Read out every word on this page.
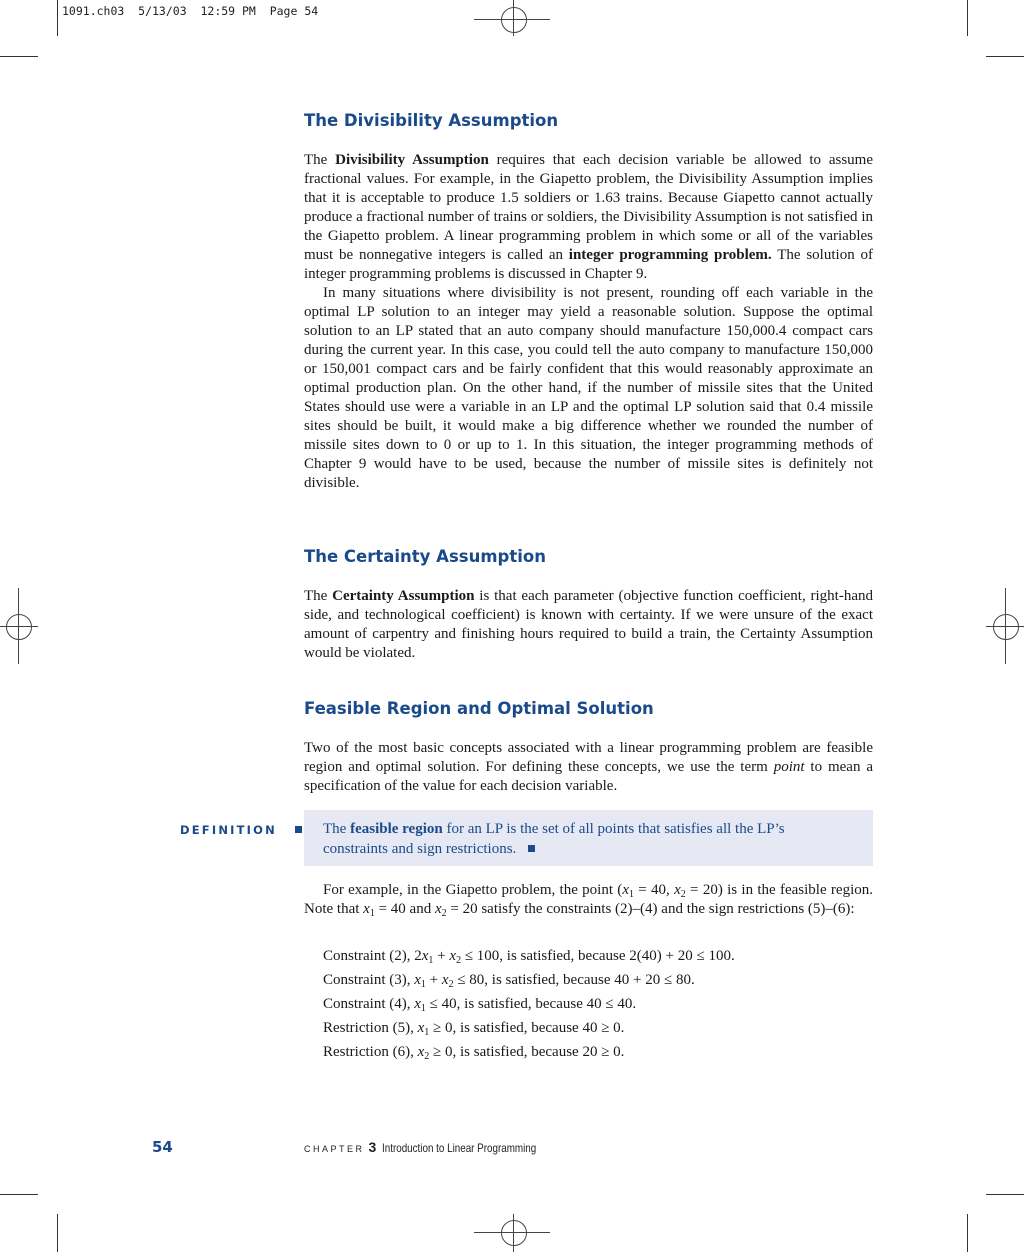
1091.ch03  5/13/03  12:59 PM  Page 54
The Divisibility Assumption

The Divisibility Assumption requires that each decision variable be allowed to assume fractional values. For example, in the Giapetto problem, the Divisibility Assumption implies that it is acceptable to produce 1.5 soldiers or 1.63 trains. Because Giapetto cannot actually produce a fractional number of trains or soldiers, the Divisibility Assumption is not satisfied in the Giapetto problem. A linear programming problem in which some or all of the variables must be nonnegative integers is called an integer programming problem. The solution of integer programming problems is discussed in Chapter 9.

In many situations where divisibility is not present, rounding off each variable in the optimal LP solution to an integer may yield a reasonable solution. Suppose the optimal solution to an LP stated that an auto company should manufacture 150,000.4 compact cars during the current year. In this case, you could tell the auto company to manufacture 150,000 or 150,001 compact cars and be fairly confident that this would reasonably approximate an optimal production plan. On the other hand, if the number of missile sites that the United States should use were a variable in an LP and the optimal LP solution said that 0.4 missile sites should be built, it would make a big difference whether we rounded the number of missile sites down to 0 or up to 1. In this situation, the integer programming methods of Chapter 9 would have to be used, because the number of missile sites is definitely not divisible.

The Certainty Assumption

The Certainty Assumption is that each parameter (objective function coefficient, right-hand side, and technological coefficient) is known with certainty. If we were unsure of the exact amount of carpentry and finishing hours required to build a train, the Certainty Assumption would be violated.

Feasible Region and Optimal Solution

Two of the most basic concepts associated with a linear programming problem are feasible region and optimal solution. For defining these concepts, we use the term point to mean a specification of the value for each decision variable.

DEFINITION	The feasible region for an LP is the set of all points that satisfies all the LP’s constraints and sign restrictions.

For example, in the Giapetto problem, the point ($x_1 = 40$, $x_2 = 20$) is in the feasible region. Note that $x_1 = 40$ and $x_2 = 20$ satisfy the constraints (2)–(4) and the sign restrictions (5)–(6):

Constraint (2), $2x_1 + x_2 \le 100$, is satisfied, because 2(40) + 20 ≤ 100.
Constraint (3), $x_1 + x_2 \le 80$, is satisfied, because 40 + 20 ≤ 80.
Constraint (4), $x_1 \le 40$, is satisfied, because 40 ≤ 40.
Restriction (5), $x_1 \ge 0$, is satisfied, because 40 ≥ 0.
Restriction (6), $x_2 \ge 0$, is satisfied, because 20 ≥ 0.
54	CHAPTER 3 Introduction to Linear Programming
